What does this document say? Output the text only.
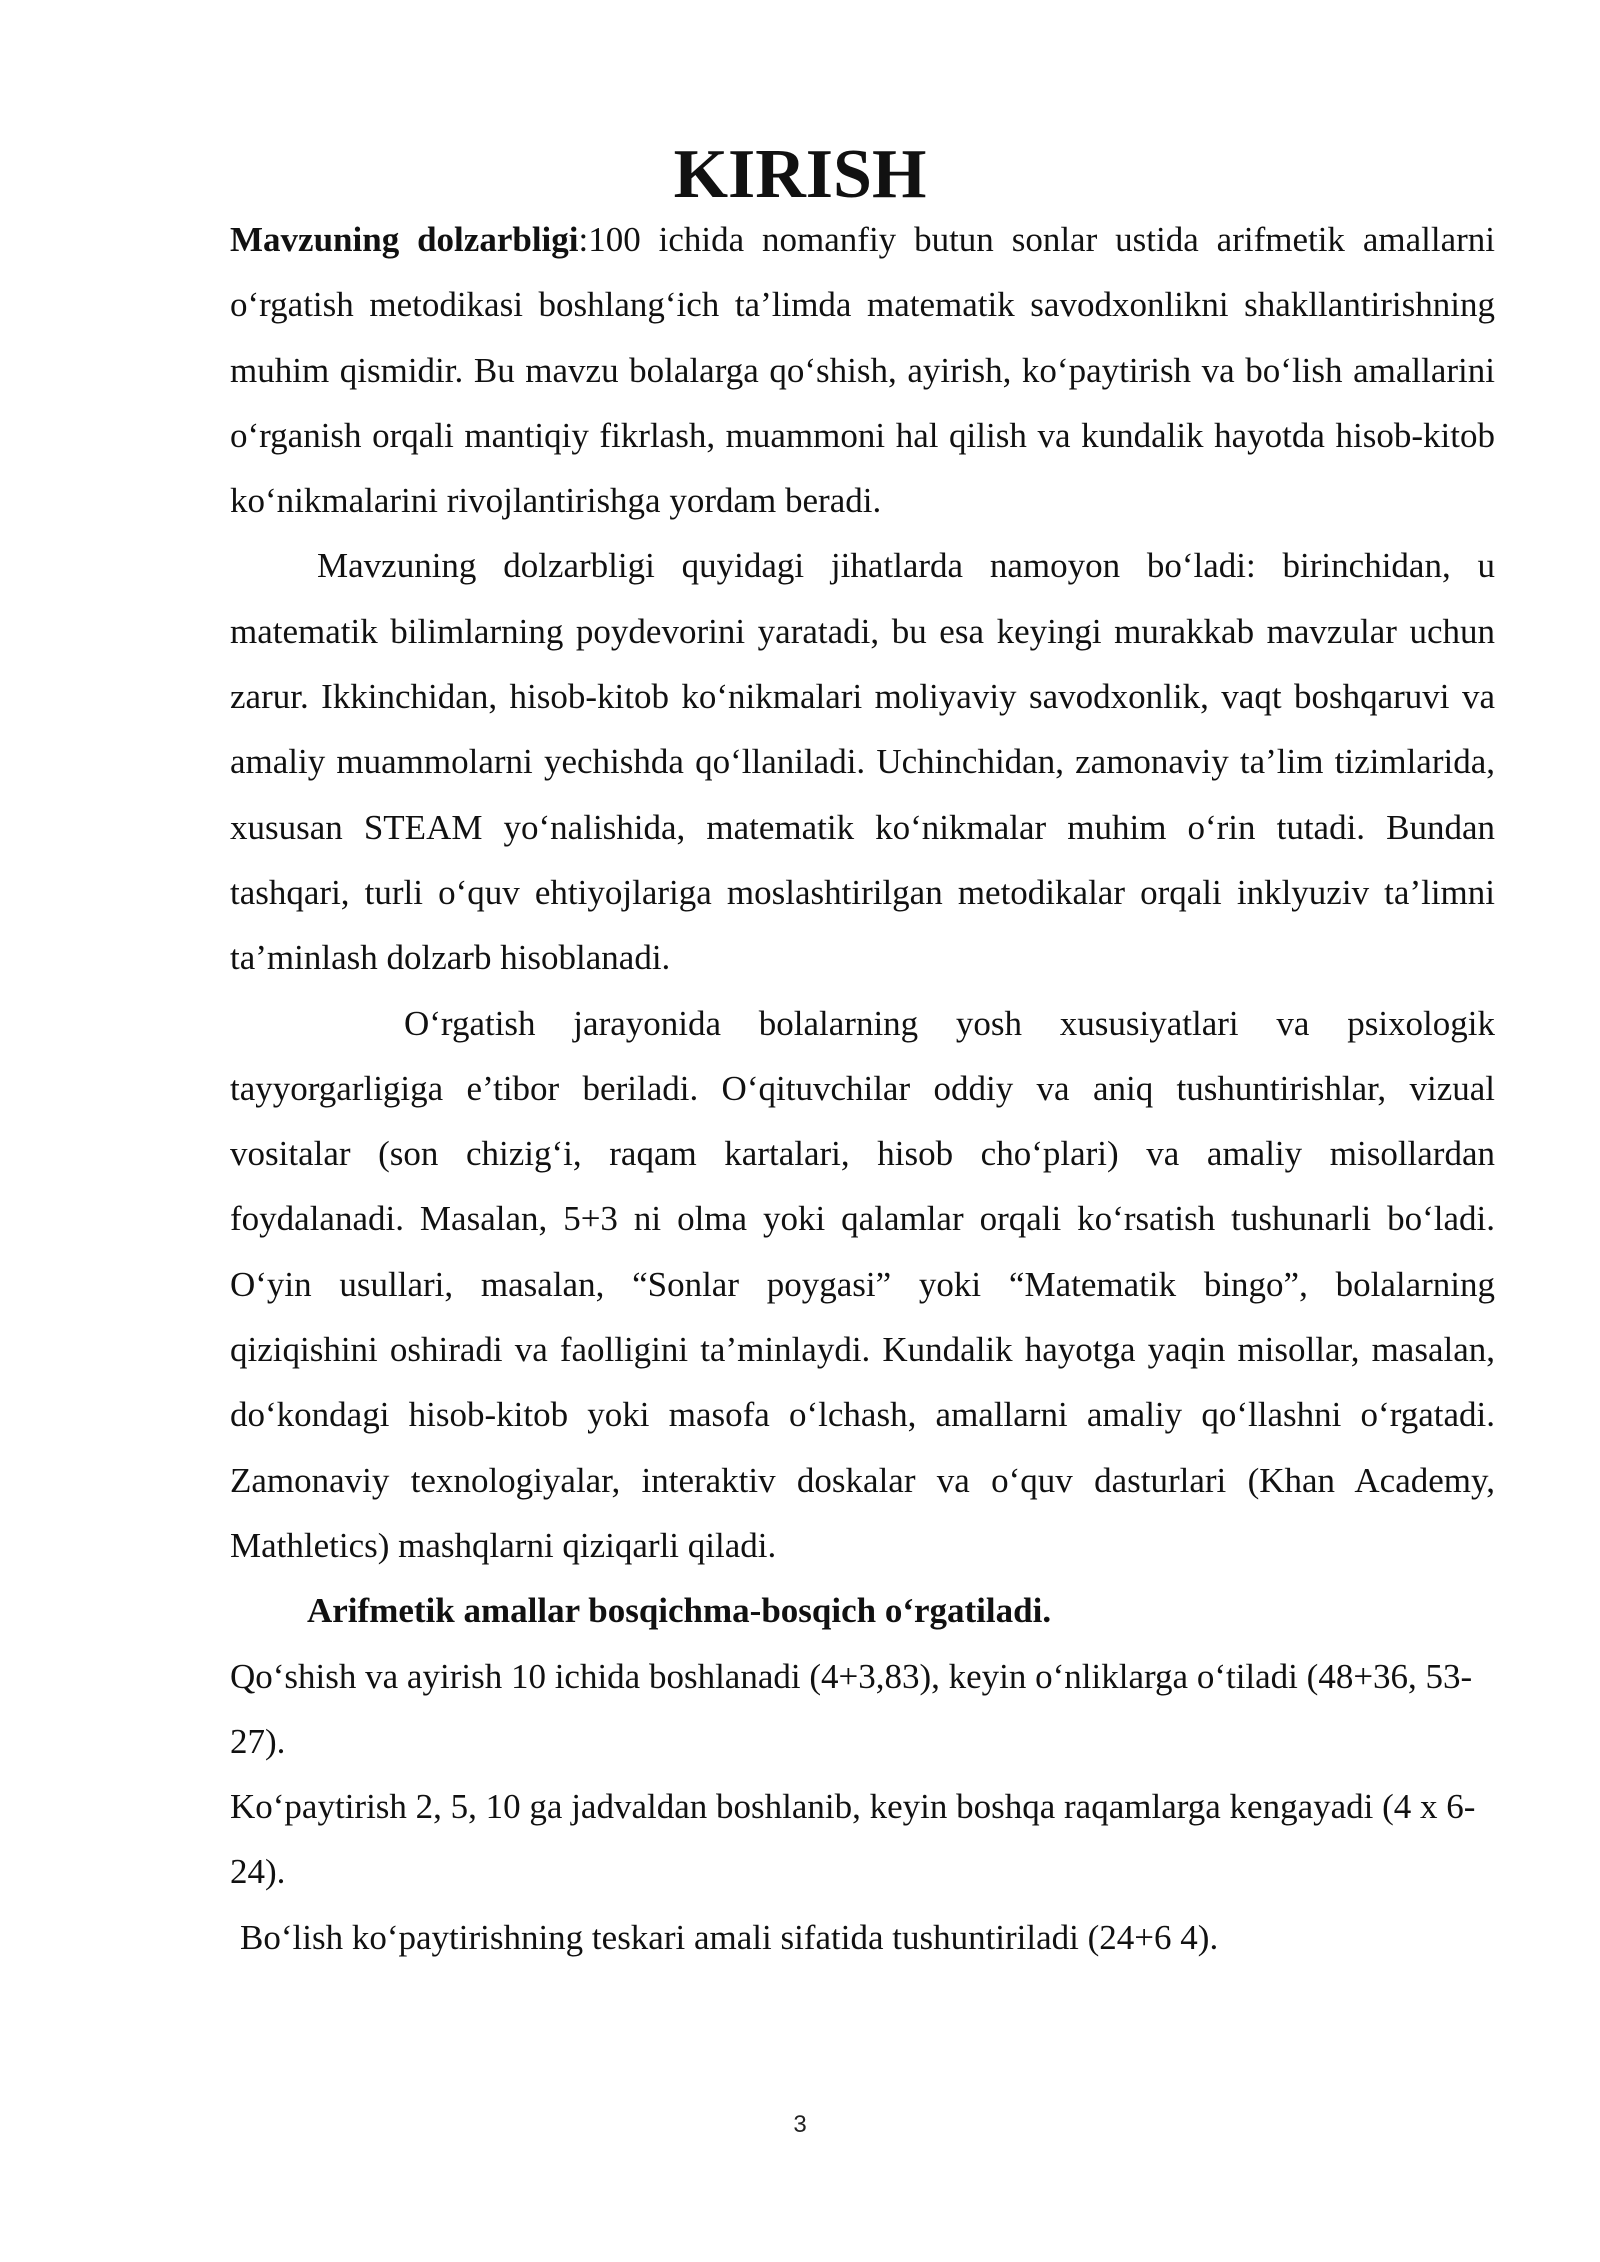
KIRISH

Mavzuning dolzarbligi:100 ichida nomanfiy butun sonlar ustida arifmetik amallarni o‘rgatish metodikasi boshlang‘ich ta’limda matematik savodxonlikni shakllantirishning muhim qismidir. Bu mavzu bolalarga qo‘shish, ayirish, ko‘paytirish va bo‘lish amallarini o‘rganish orqali mantiqiy fikrlash, muammoni hal qilish va kundalik hayotda hisob-kitob ko‘nikmalarini rivojlantirishga yordam beradi.

Mavzuning dolzarbligi quyidagi jihatlarda namoyon bo‘ladi: birinchidan, u matematik bilimlarning poydevorini yaratadi, bu esa keyingi murakkab mavzular uchun zarur. Ikkinchidan, hisob-kitob ko‘nikmalari moliyaviy savodxonlik, vaqt boshqaruvi va amaliy muammolarni yechishda qo‘llaniladi. Uchinchidan, zamonaviy ta’lim tizimlarida, xususan STEAM yo‘nalishida, matematik ko‘nikmalar muhim o‘rin tutadi. Bundan tashqari, turli o‘quv ehtiyojlariga moslashtirilgan metodikalar orqali inklyuziv ta’limni ta’minlash dolzarb hisoblanadi.

O‘rgatish jarayonida bolalarning yosh xususiyatlari va psixologik tayyorgarligiga e’tibor beriladi. O‘qituvchilar oddiy va aniq tushuntirishlar, vizual vositalar (son chizig‘i, raqam kartalari, hisob cho‘plari) va amaliy misollardan foydalanadi. Masalan, 5+3 ni olma yoki qalamlar orqali ko‘rsatish tushunarli bo‘ladi. O‘yin usullari, masalan, “Sonlar poygasi” yoki “Matematik bingo”, bolalarning qiziqishini oshiradi va faolligini ta’minlaydi. Kundalik hayotga yaqin misollar, masalan, do‘kondagi hisob-kitob yoki masofa o‘lchash, amallarni amaliy qo‘llashni o‘rgatadi. Zamonaviy texnologiyalar, interaktiv doskalar va o‘quv dasturlari (Khan Academy, Mathletics) mashqlarni qiziqarli qiladi.

Arifmetik amallar bosqichma-bosqich o‘rgatiladi.

Qo‘shish va ayirish 10 ichida boshlanadi (4+3,83), keyin o‘nliklarga o‘tiladi (48+36, 53-27).

Ko‘paytirish 2, 5, 10 ga jadvaldan boshlanib, keyin boshqa raqamlarga kengayadi (4 x 6-24).

Bo‘lish ko‘paytirishning teskari amali sifatida tushuntiriladi (24+6 4).

3
